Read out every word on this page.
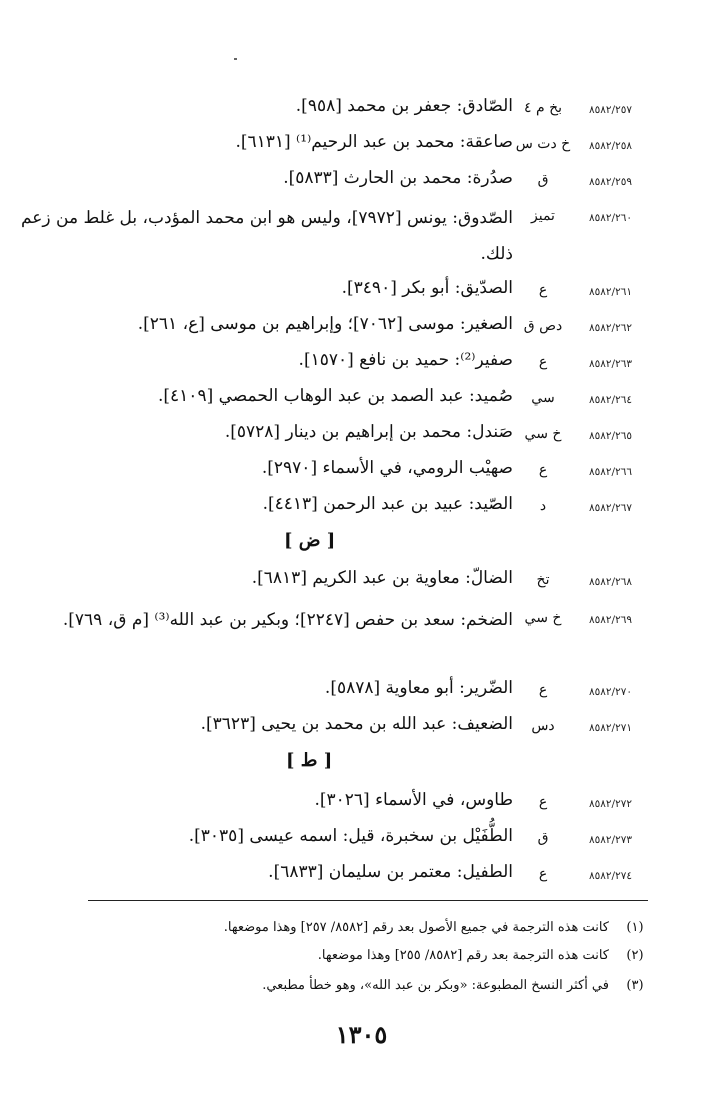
٨٥٨٢/٢٥٧
بخ م ٤
الصّادق: جعفر بن محمد [٩٥٨].
٨٥٨٢/٢٥٨
خ دت س
صاعقة: محمد بن عبد الرحيم⁽¹⁾ [٦١٣١].
٨٥٨٢/٢٥٩
ق
صدُرة: محمد بن الحارث [٥٨٣٣].
٨٥٨٢/٢٦٠
تميز
الصّدوق: يونس [٧٩٧٢]، وليس هو ابن محمد المؤدب، بل غلط من زعم ذلك.
٨٥٨٢/٢٦١
ع
الصدّيق: أبو بكر [٣٤٩٠].
٨٥٨٢/٢٦٢
دص ق
الصغير: موسى [٧٠٦٢]؛ وإبراهيم بن موسى [ع، ٢٦١].
٨٥٨٢/٢٦٣
ع
صفير⁽²⁾: حميد بن نافع [١٥٧٠].
٨٥٨٢/٢٦٤
سي
صُميد: عبد الصمد بن عبد الوهاب الحمصي [٤١٠٩].
٨٥٨٢/٢٦٥
خ سي
صَندل: محمد بن إبراهيم بن دينار [٥٧٢٨].
٨٥٨٢/٢٦٦
ع
صهيْب الرومي، في الأسماء [٢٩٧٠].
٨٥٨٢/٢٦٧
د
الصّيد: عبيد بن عبد الرحمن [٤٤١٣].
[ ض ]
٨٥٨٢/٢٦٨
تخ
الضالّ: معاوية بن عبد الكريم [٦٨١٣].
٨٥٨٢/٢٦٩
خ سي
الضخم: سعد بن حفص [٢٢٤٧]؛ وبكير بن عبد الله⁽³⁾ [م ق، ٧٦٩].
٨٥٨٢/٢٧٠
ع
الضّرير: أبو معاوية [٥٨٧٨].
٨٥٨٢/٢٧١
دس
الضعيف: عبد الله بن محمد بن يحيى [٣٦٢٣].
[ ط ]
٨٥٨٢/٢٧٢
ع
طاوس، في الأسماء [٣٠٢٦].
٨٥٨٢/٢٧٣
ق
الطُّفَيْل بن سخبرة، قيل: اسمه عيسى [٣٠٣٥].
٨٥٨٢/٢٧٤
ع
الطفيل: معتمر بن سليمان [٦٨٣٣].
(١)
كانت هذه الترجمة في جميع الأصول بعد رقم [٨٥٨٢/ ٢٥٧] وهذا موضعها.
(٢)
كانت هذه الترجمة بعد رقم [٨٥٨٢/ ٢٥٥] وهذا موضعها.
(٣)
في أكثر النسخ المطبوعة: «وبكر بن عبد الله»، وهو خطأ مطبعي.
١٣٠٥
